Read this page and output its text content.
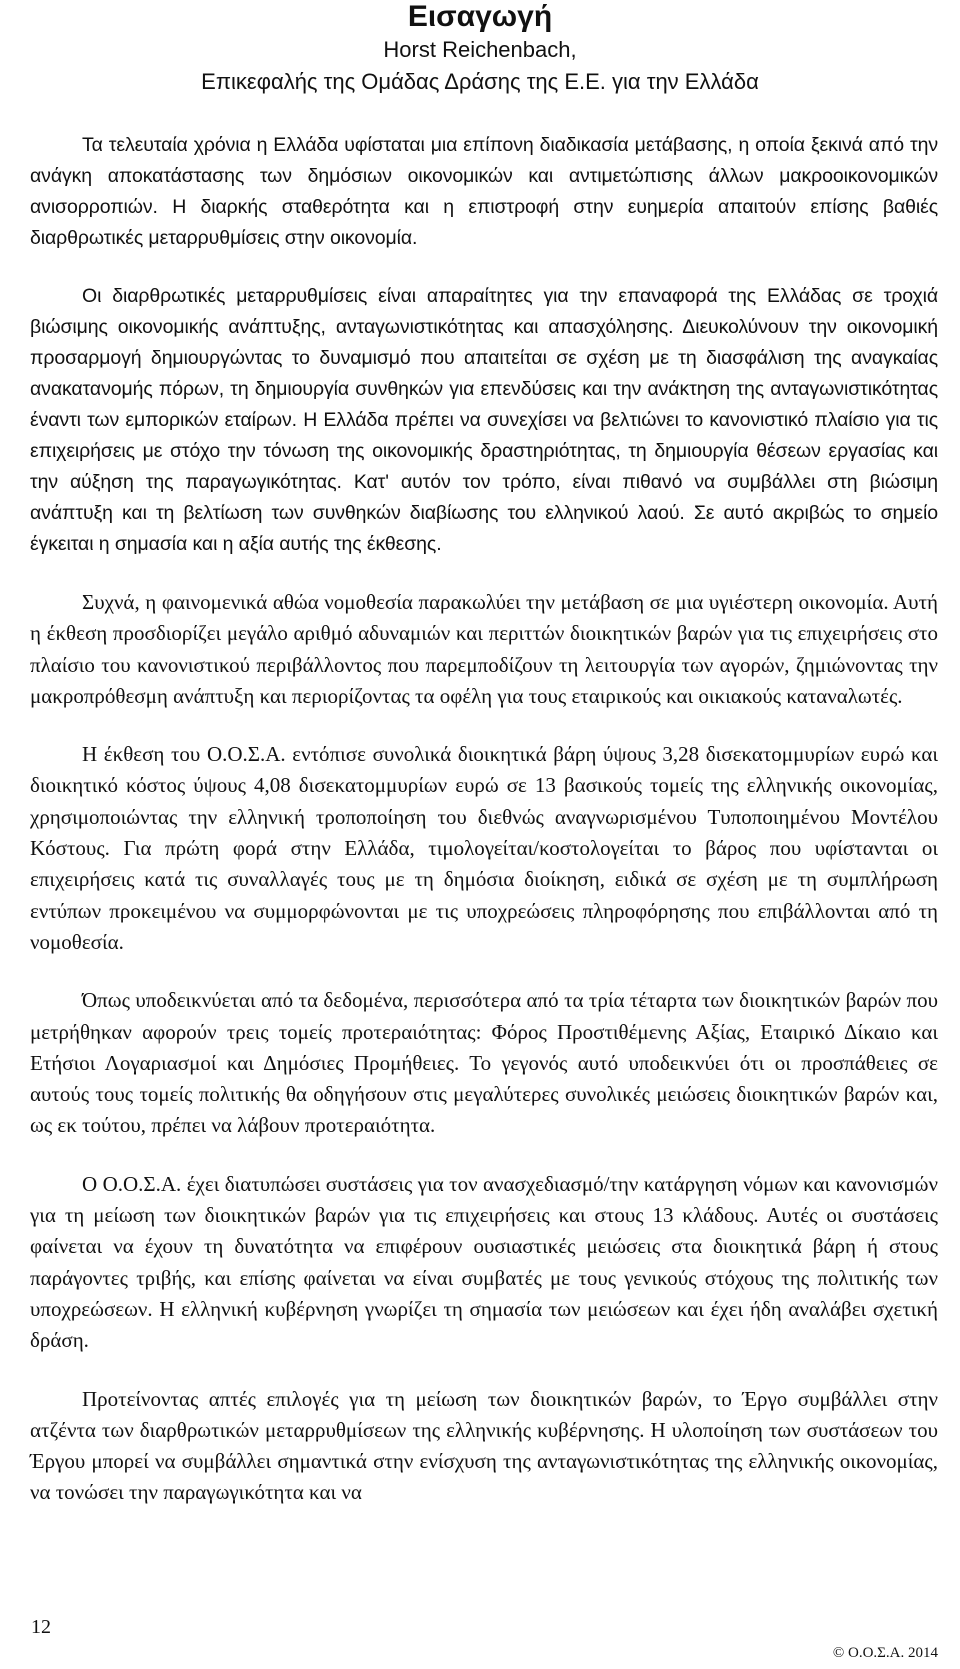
Εισαγωγή
Horst Reichenbach,
Επικεφαλής της Ομάδας Δράσης της Ε.Ε. για την Ελλάδα

Τα τελευταία χρόνια η Ελλάδα υφίσταται μια επίπονη διαδικασία μετάβασης, η οποία ξεκινά από την ανάγκη αποκατάστασης των δημόσιων οικονομικών και αντιμετώπισης άλλων μακροοικονομικών ανισορροπιών. Η διαρκής σταθερότητα και η επιστροφή στην ευημερία απαιτούν επίσης βαθιές διαρθρωτικές μεταρρυθμίσεις στην οικονομία.

Οι διαρθρωτικές μεταρρυθμίσεις είναι απαραίτητες για την επαναφορά της Ελλάδας σε τροχιά βιώσιμης οικονομικής ανάπτυξης, ανταγωνιστικότητας και απασχόλησης. Διευκολύνουν την οικονομική προσαρμογή δημιουργώντας το δυναμισμό που απαιτείται σε σχέση με τη διασφάλιση της αναγκαίας ανακατανομής πόρων, τη δημιουργία συνθηκών για επενδύσεις και την ανάκτηση της ανταγωνιστικότητας έναντι των εμπορικών εταίρων. Η Ελλάδα πρέπει να συνεχίσει να βελτιώνει το κανονιστικό πλαίσιο για τις επιχειρήσεις με στόχο την τόνωση της οικονομικής δραστηριότητας, τη δημιουργία θέσεων εργασίας και την αύξηση της παραγωγικότητας. Κατ' αυτόν τον τρόπο, είναι πιθανό να συμβάλλει στη βιώσιμη ανάπτυξη και τη βελτίωση των συνθηκών διαβίωσης του ελληνικού λαού. Σε αυτό ακριβώς το σημείο έγκειται η σημασία και η αξία αυτής της έκθεσης.

Συχνά, η φαινομενικά αθώα νομοθεσία παρακωλύει την μετάβαση σε μια υγιέστερη οικονομία. Αυτή η έκθεση προσδιορίζει μεγάλο αριθμό αδυναμιών και περιττών διοικητικών βαρών για τις επιχειρήσεις στο πλαίσιο του κανονιστικού περιβάλλοντος που παρεμποδίζουν τη λειτουργία των αγορών, ζημιώνοντας την μακροπρόθεσμη ανάπτυξη και περιορίζοντας τα οφέλη για τους εταιρικούς και οικιακούς καταναλωτές.

Η έκθεση του Ο.Ο.Σ.Α. εντόπισε συνολικά διοικητικά βάρη ύψους 3,28 δισεκατομμυρίων ευρώ και διοικητικό κόστος ύψους 4,08 δισεκατομμυρίων ευρώ σε 13 βασικούς τομείς της ελληνικής οικονομίας, χρησιμοποιώντας την ελληνική τροποποίηση του διεθνώς αναγνωρισμένου Τυποποιημένου Μοντέλου Κόστους. Για πρώτη φορά στην Ελλάδα, τιμολογείται/κοστολογείται το βάρος που υφίστανται οι επιχειρήσεις κατά τις συναλλαγές τους με τη δημόσια διοίκηση, ειδικά σε σχέση με τη συμπλήρωση εντύπων προκειμένου να συμμορφώνονται με τις υποχρεώσεις πληροφόρησης που επιβάλλονται από τη νομοθεσία.

Όπως υποδεικνύεται από τα δεδομένα, περισσότερα από τα τρία τέταρτα των διοικητικών βαρών που μετρήθηκαν αφορούν τρεις τομείς προτεραιότητας: Φόρος Προστιθέμενης Αξίας, Εταιρικό Δίκαιο και Ετήσιοι Λογαριασμοί και Δημόσιες Προμήθειες. Το γεγονός αυτό υποδεικνύει ότι οι προσπάθειες σε αυτούς τους τομείς πολιτικής θα οδηγήσουν στις μεγαλύτερες συνολικές μειώσεις διοικητικών βαρών και, ως εκ τούτου, πρέπει να λάβουν προτεραιότητα.

Ο Ο.Ο.Σ.Α. έχει διατυπώσει συστάσεις για τον ανασχεδιασμό/την κατάργηση νόμων και κανονισμών για τη μείωση των διοικητικών βαρών για τις επιχειρήσεις και στους 13 κλάδους. Αυτές οι συστάσεις φαίνεται να έχουν τη δυνατότητα να επιφέρουν ουσιαστικές μειώσεις στα διοικητικά βάρη ή στους παράγοντες τριβής, και επίσης φαίνεται να είναι συμβατές με τους γενικούς στόχους της πολιτικής των υποχρεώσεων. Η ελληνική κυβέρνηση γνωρίζει τη σημασία των μειώσεων και έχει ήδη αναλάβει σχετική δράση.

Προτείνοντας απτές επιλογές για τη μείωση των διοικητικών βαρών, το Έργο συμβάλλει στην ατζέντα των διαρθρωτικών μεταρρυθμίσεων της ελληνικής κυβέρνησης. Η υλοποίηση των συστάσεων του Έργου μπορεί να συμβάλλει σημαντικά στην ενίσχυση της ανταγωνιστικότητας της ελληνικής οικονομίας, να τονώσει την παραγωγικότητα και να

12
© Ο.Ο.Σ.Α. 2014
